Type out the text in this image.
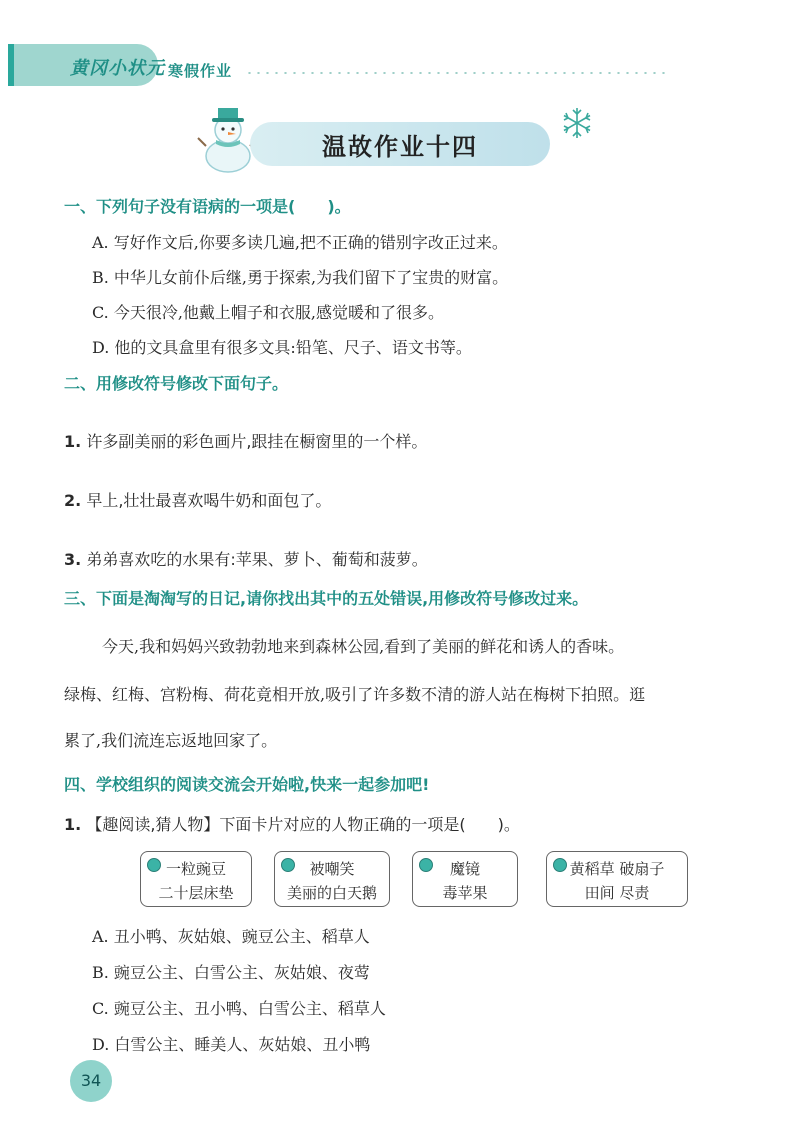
黄冈小状元 寒假作业
温故作业十四
一、下列句子没有语病的一项是(　　)。
A. 写好作文后,你要多读几遍,把不正确的错别字改正过来。
B. 中华儿女前仆后继,勇于探索,为我们留下了宝贵的财富。
C. 今天很冷,他戴上帽子和衣服,感觉暖和了很多。
D. 他的文具盒里有很多文具:铅笔、尺子、语文书等。
二、用修改符号修改下面句子。
1. 许多副美丽的彩色画片,跟挂在橱窗里的一个样。
2. 早上,壮壮最喜欢喝牛奶和面包了。
3. 弟弟喜欢吃的水果有:苹果、萝卜、葡萄和菠萝。
三、下面是淘淘写的日记,请你找出其中的五处错误,用修改符号修改过来。
今天,我和妈妈兴致勃勃地来到森林公园,看到了美丽的鲜花和诱人的香味。
绿梅、红梅、宫粉梅、荷花竟相开放,吸引了许多数不清的游人站在梅树下拍照。逛
累了,我们流连忘返地回家了。
四、学校组织的阅读交流会开始啦,快来一起参加吧!
1. 【趣阅读,猜人物】下面卡片对应的人物正确的一项是(　　)。
一粒豌豆
二十层床垫
被嘲笑
美丽的白天鹅
魔镜
毒苹果
黄稻草 破扇子
田间 尽责
A. 丑小鸭、灰姑娘、豌豆公主、稻草人
B. 豌豆公主、白雪公主、灰姑娘、夜莺
C. 豌豆公主、丑小鸭、白雪公主、稻草人
D. 白雪公主、睡美人、灰姑娘、丑小鸭
34
